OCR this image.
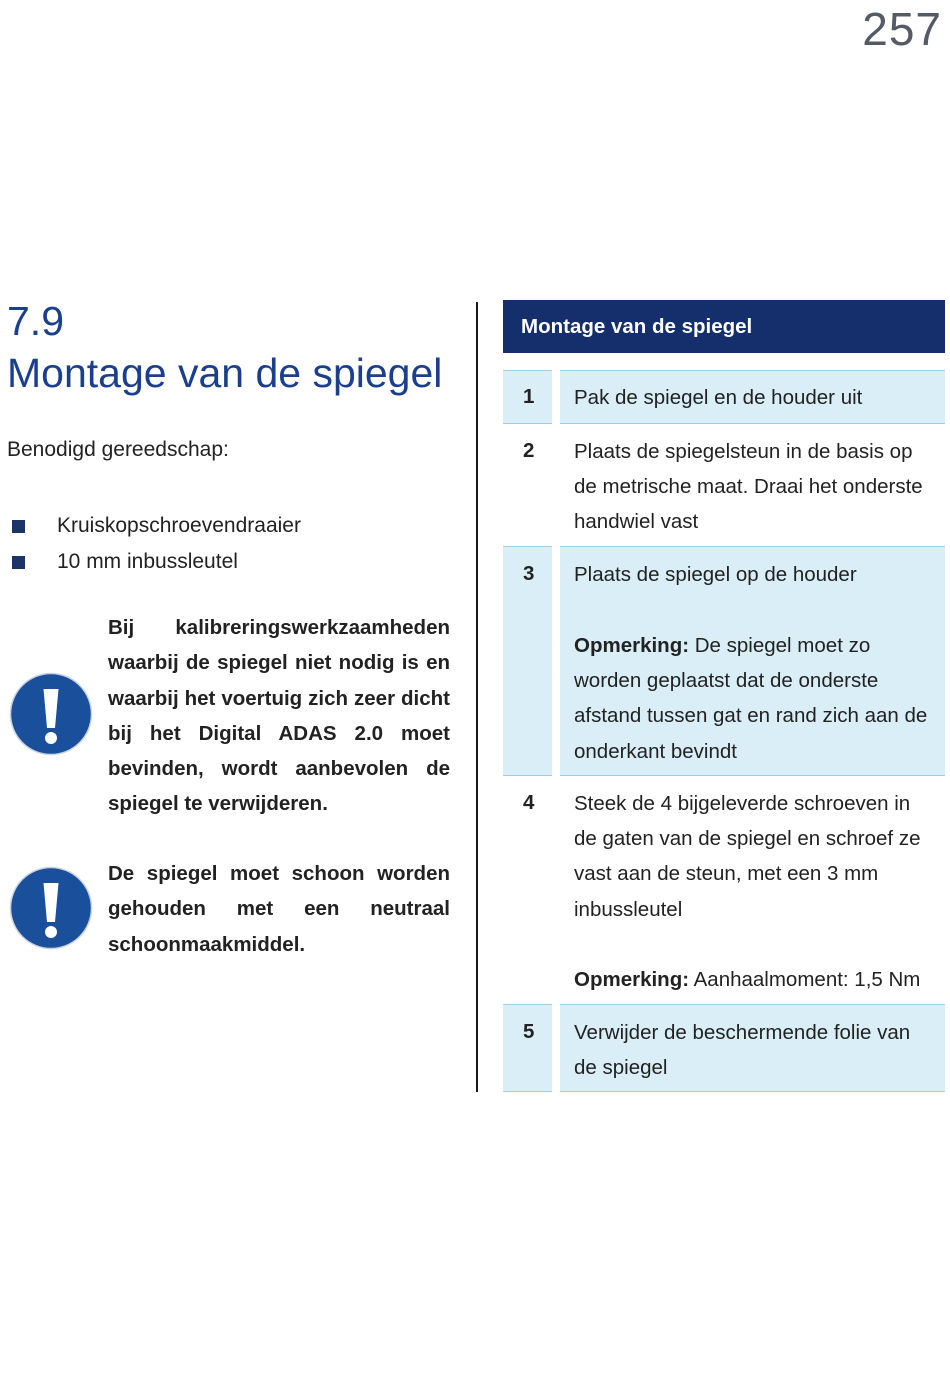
257
7.9
Montage van de spiegel
Benodigd gereedschap:
Kruiskopschroevendraaier
10 mm inbussleutel
Bij kalibreringswerkzaamheden waarbij de spiegel niet nodig is en waarbij het voertuig zich zeer dicht bij het Digital ADAS 2.0 moet bevinden, wordt aanbevolen de spiegel te verwijderen.
De spiegel moet schoon worden gehouden met een neutraal schoonmaakmiddel.
Montage van de spiegel
1 Pak de spiegel en de houder uit
2 Plaats de spiegelsteun in de basis op de metrische maat. Draai het onderste handwiel vast
3 Plaats de spiegel op de houder
Opmerking: De spiegel moet zo worden geplaatst dat de onderste afstand tussen gat en rand zich aan de onderkant bevindt
4 Steek de 4 bijgeleverde schroeven in de gaten van de spiegel en schroef ze vast aan de steun, met een 3 mm inbussleutel
Opmerking: Aanhaalmoment: 1,5 Nm
5 Verwijder de beschermende folie van de spiegel
